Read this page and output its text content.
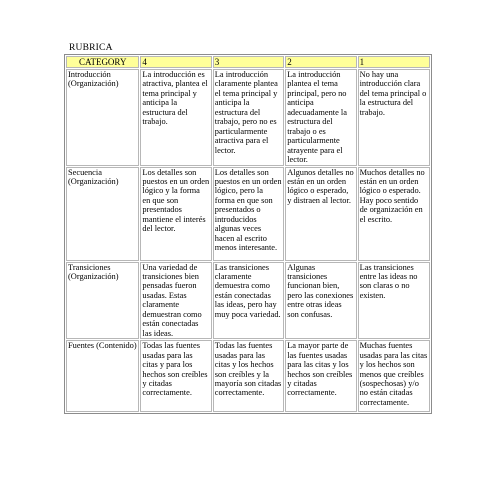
RUBRICA
CATEGORY	4	3	2	1
Introducción (Organización)	La introducción es atractiva, plantea el tema principal y anticipa la estructura del trabajo.	La introducción claramente plantea el tema principal y anticipa la estructura del trabajo, pero no es particularmente atractiva para el lector.	La introducción plantea el tema principal, pero no anticipa adecuadamente la estructura del trabajo o es particularmente atrayente para el lector.	No hay una introducción clara del tema principal o la estructura del trabajo.
Secuencia (Organización)	Los detalles son puestos en un orden lógico y la forma en que son presentados mantiene el interés del lector.	Los detalles son puestos en un orden lógico, pero la forma en que son presentados o introducidos algunas veces hacen al escrito menos interesante.	Algunos detalles no están en un orden lógico o esperado, y distraen al lector.	Muchos detalles no están en un orden lógico o esperado. Hay poco sentido de organización en el escrito.
Transiciones (Organización)	Una variedad de transiciones bien pensadas fueron usadas. Estas claramente demuestran como están conectadas las ideas.	Las transiciones claramente demuestra como están conectadas las ideas, pero hay muy poca variedad.	Algunas transiciones funcionan bien, pero las conexiones entre otras ideas son confusas.	Las transiciones entre las ideas no son claras o no existen.
Fuentes (Contenido)	Todas las fuentes usadas para las citas y para los hechos son creíbles y citadas correctamente.	Todas las fuentes usadas para las citas y los hechos son creíbles y la mayoría son citadas correctamente.	La mayor parte de las fuentes usadas para las citas y los hechos son creíbles y citadas correctamente.	Muchas fuentes usadas para las citas y los hechos son menos que creíbles (sospechosas) y/o no están citadas correctamente.
